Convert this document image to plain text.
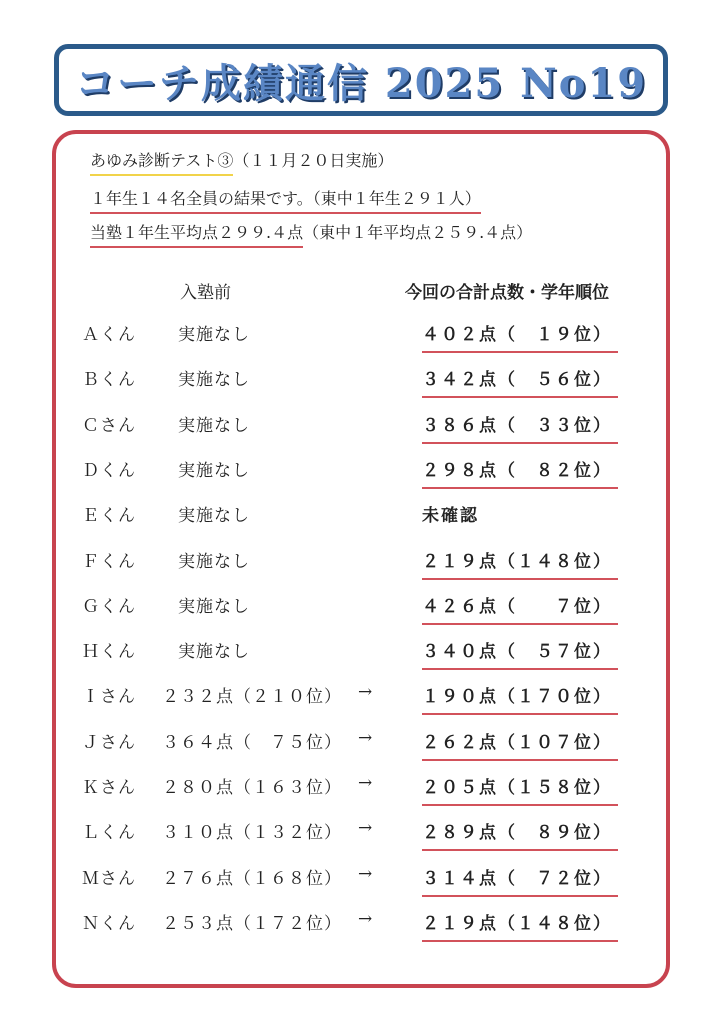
コーチ成績通信 2025 No19
あゆみ診断テスト③（１１月２０日実施）
１年生１４名全員の結果です。（東中１年生２９１人）
当塾１年生平均点２９９.４点（東中１年平均点２５９.４点）
入塾前	今回の合計点数・学年順位
Ａくん 実施なし	４０２点（　１９位）
Ｂくん 実施なし	３４２点（　５６位）
Ｃさん 実施なし	３８６点（　３３位）
Ｄくん 実施なし	２９８点（　８２位）
Ｅくん 実施なし	未確認
Ｆくん 実施なし	２１９点（１４８位）
Ｇくん 実施なし	４２６点（　　７位）
Ｈくん 実施なし	３４０点（　５７位）
Ｉさん ２３２点（２１０位） →	１９０点（１７０位）
Ｊさん ３６４点（　７５位） →	２６２点（１０７位）
Ｋさん ２８０点（１６３位） →	２０５点（１５８位）
Ｌくん ３１０点（１３２位） →	２８９点（　８９位）
Ｍさん ２７６点（１６８位） →	３１４点（　７２位）
Ｎくん ２５３点（１７２位） →	２１９点（１４８位）
